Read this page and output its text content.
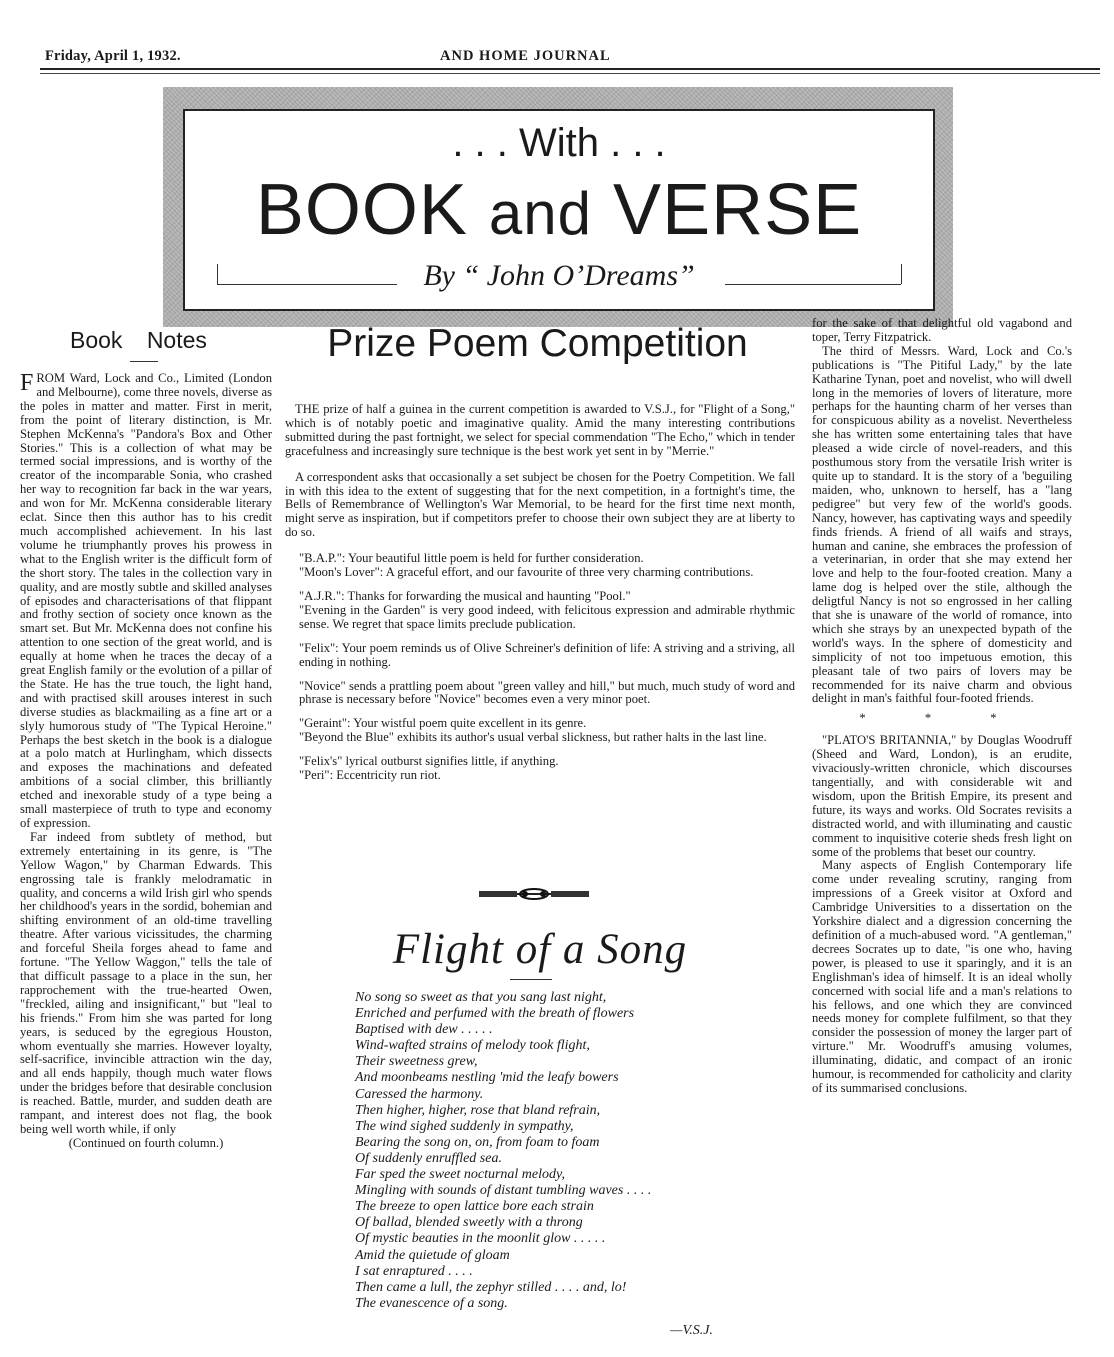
Friday, April 1, 1932.	AND HOME JOURNAL
. . . With . . .
BOOK and VERSE
By “ John O’Dreams”
Book Notes

FROM Ward, Lock and Co., Limited (London and Melbourne), come three novels, diverse as the poles in matter and matter. First in merit, from the point of literary distinction, is Mr. Stephen McKenna's "Pandora's Box and Other Stories." This is a collection of what may be termed social impressions, and is worthy of the creator of the incomparable Sonia, who crashed her way to recognition far back in the war years, and won for Mr. McKenna considerable literary eclat. Since then this author has to his credit much accomplished achievement. In his last volume he triumphantly proves his prowess in what to the English writer is the difficult form of the short story. The tales in the collection vary in quality, and are mostly subtle and skilled analyses of episodes and characterisations of that flippant and frothy section of society once known as the smart set. But Mr. McKenna does not confine his attention to one section of the great world, and is equally at home when he traces the decay of a great English family or the evolution of a pillar of the State. He has the true touch, the light hand, and with practised skill arouses interest in such diverse studies as blackmailing as a fine art or a slyly humorous study of "The Typical Heroine." Perhaps the best sketch in the book is a dialogue at a polo match at Hurlingham, which dissects and exposes the machinations and defeated ambitions of a social climber, this brilliantly etched and inexorable study of a type being a small masterpiece of truth to type and economy of expression.

Far indeed from subtlety of method, but extremely entertaining in its genre, is "The Yellow Wagon," by Charman Edwards. This engrossing tale is frankly melodramatic in quality, and concerns a wild Irish girl who spends her childhood's years in the sordid, bohemian and shifting environment of an old-time travelling theatre. After various vicissitudes, the charming and forceful Sheila forges ahead to fame and fortune. "The Yellow Waggon," tells the tale of that difficult passage to a place in the sun, her rapprochement with the true-hearted Owen, "freckled, ailing and insignificant," but "leal to his friends." From him she was parted for long years, is seduced by the egregious Houston, whom eventually she marries. However loyalty, self-sacrifice, invincible attraction win the day, and all ends happily, though much water flows under the bridges before that desirable conclusion is reached. Battle, murder, and sudden death are rampant, and interest does not flag, the book being well worth while, if only

(Continued on fourth column.)

Prize Poem Competition

THE prize of half a guinea in the current competition is awarded to V.S.J., for "Flight of a Song," which is of notably poetic and imaginative quality. Amid the many interesting contributions submitted during the past fortnight, we select for special commendation "The Echo," which in tender gracefulness and increasingly sure technique is the best work yet sent in by "Merrie."

A correspondent asks that occasionally a set subject be chosen for the Poetry Competition. We fall in with this idea to the extent of suggesting that for the next competition, in a fortnight's time, the Bells of Remembrance of Wellington's War Memorial, to be heard for the first time next month, might serve as inspiration, but if competitors prefer to choose their own subject they are at liberty to do so.

"B.A.P.": Your beautiful little poem is held for further consideration.

"Moon's Lover": A graceful effort, and our favourite of three very charming contributions.

"A.J.R.": Thanks for forwarding the musical and haunting "Pool."

"Evening in the Garden" is very good indeed, with felicitous expression and admirable rhythmic sense. We regret that space limits preclude publication.

"Felix": Your poem reminds us of Olive Schreiner's definition of life: A striving and a striving, all ending in nothing.

"Novice" sends a prattling poem about "green valley and hill," but much, much study of word and phrase is necessary before "Novice" becomes even a very minor poet.

"Geraint": Your wistful poem quite excellent in its genre.

"Beyond the Blue" exhibits its author's usual verbal slickness, but rather halts in the last line.

"Felix's" lyrical outburst signifies little, if anything.

"Peri": Eccentricity run riot.

Flight of a Song
No song so sweet as that you sang last night,
Enriched and perfumed with the breath of flowers
Baptised with dew . . . . .
Wind-wafted strains of melody took flight,
Their sweetness grew,
And moonbeams nestling 'mid the leafy bowers
Caressed the harmony.
Then higher, higher, rose that bland refrain,
The wind sighed suddenly in sympathy,
Bearing the song on, on, from foam to foam
Of suddenly enruffled sea.
Far sped the sweet nocturnal melody,
Mingling with sounds of distant tumbling waves . . . .
The breeze to open lattice bore each strain
Of ballad, blended sweetly with a throng
Of mystic beauties in the moonlit glow . . . . .
Amid the quietude of gloam
I sat enraptured . . . .
Then came a lull, the zephyr stilled . . . . and, lo!
The evanescence of a song.
—V.S.J.

for the sake of that delightful old vagabond and toper, Terry Fitzpatrick.

The third of Messrs. Ward, Lock and Co.'s publications is "The Pitiful Lady," by the late Katharine Tynan, poet and novelist, who will dwell long in the memories of lovers of literature, more perhaps for the haunting charm of her verses than for conspicuous ability as a novelist. Nevertheless she has written some entertaining tales that have pleased a wide circle of novel-readers, and this posthumous story from the versatile Irish writer is quite up to standard. It is the story of a 'beguiling maiden, who, unknown to herself, has a "lang pedigree" but very few of the world's goods. Nancy, however, has captivating ways and speedily finds friends. A friend of all waifs and strays, human and canine, she embraces the profession of a veterinarian, in order that she may extend her love and help to the four-footed creation. Many a lame dog is helped over the stile, although the deligtful Nancy is not so engrossed in her calling that she is unaware of the world of romance, into which she strays by an unexpected bypath of the world's ways. In the sphere of domesticity and simplicity of not too impetuous emotion, this pleasant tale of two pairs of lovers may be recommended for its naive charm and obvious delight in man's faithful four-footed friends.

* * *

"PLATO'S BRITANNIA," by Douglas Woodruff (Sheed and Ward, London), is an erudite, vivaciously-written chronicle, which discourses tangentially, and with considerable wit and wisdom, upon the British Empire, its present and future, its ways and works. Old Socrates revisits a distracted world, and with illuminating and caustic comment to inquisitive coterie sheds fresh light on some of the problems that beset our country.

Many aspects of English Contemporary life come under revealing scrutiny, ranging from impressions of a Greek visitor at Oxford and Cambridge Universities to a dissertation on the Yorkshire dialect and a digression concerning the definition of a much-abused word. "A gentleman," decrees Socrates up to date, "is one who, having power, is pleased to use it sparingly, and it is an Englishman's idea of himself. It is an ideal wholly concerned with social life and a man's relations to his fellows, and one which they are convinced needs money for complete fulfilment, so that they consider the possession of money the larger part of virture." Mr. Woodruff's amusing volumes, illuminating, didatic, and compact of an ironic humour, is recommended for catholicity and clarity of its summarised conclusions.
